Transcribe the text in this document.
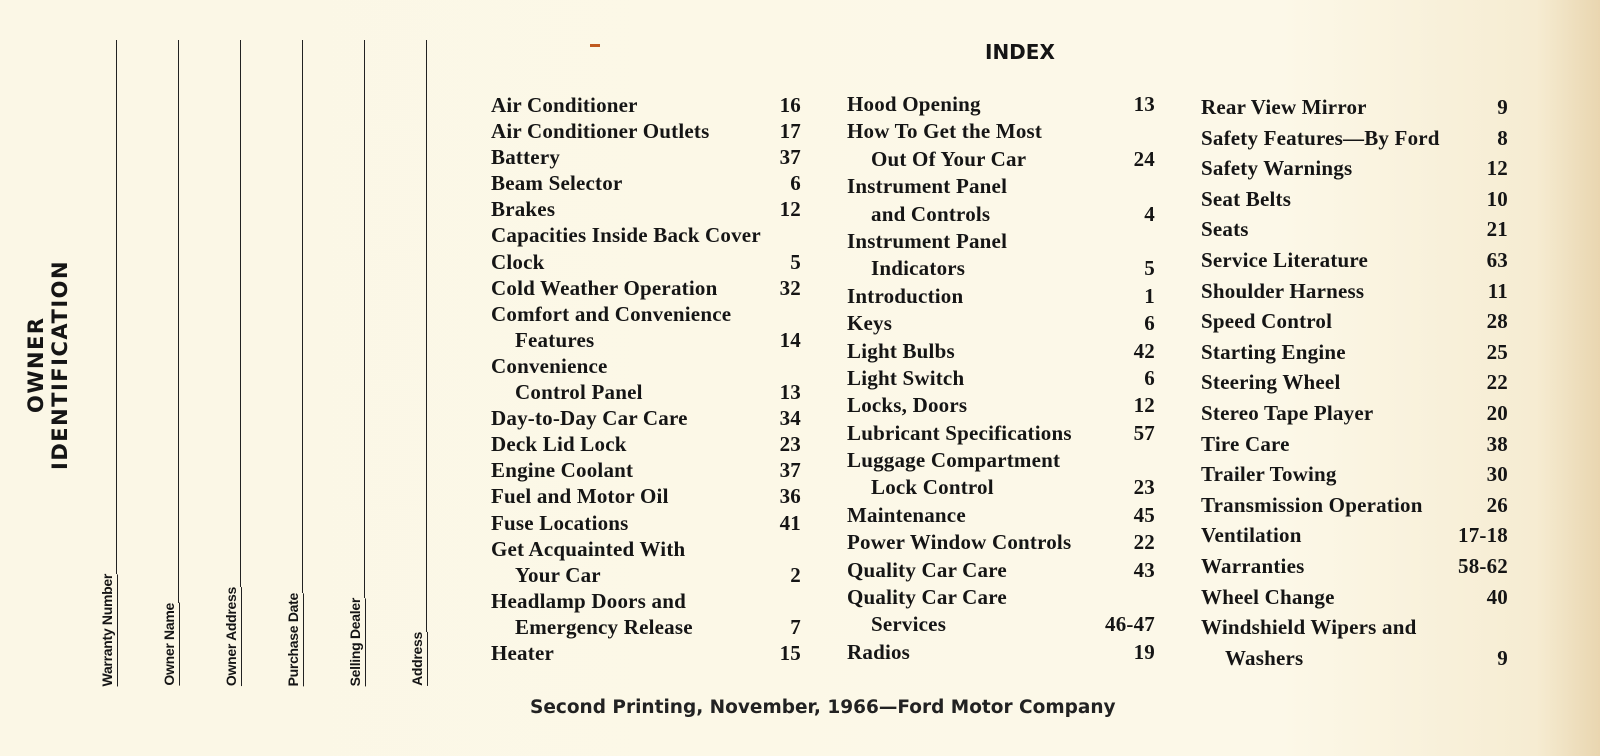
OWNER IDENTIFICATION
Warranty Number	Owner Name	Owner Address	Purchase Date	Selling Dealer	Address
INDEX
Air Conditioner	16
Air Conditioner Outlets	17
Battery	37
Beam Selector	6
Brakes	12
Capacities Inside Back Cover
Clock	5
Cold Weather Operation	32
Comfort and Convenience
Features	14
Convenience
Control Panel	13
Day-to-Day Car Care	34
Deck Lid Lock	23
Engine Coolant	37
Fuel and Motor Oil	36
Fuse Locations	41
Get Acquainted With
Your Car	2
Headlamp Doors and
Emergency Release	7
Heater	15
Hood Opening	13
How To Get the Most
Out Of Your Car	24
Instrument Panel
and Controls	4
Instrument Panel
Indicators	5
Introduction	1
Keys	6
Light Bulbs	42
Light Switch	6
Locks, Doors	12
Lubricant Specifications	57
Luggage Compartment
Lock Control	23
Maintenance	45
Power Window Controls	22
Quality Car Care	43
Quality Car Care
Services	46-47
Radios	19
Rear View Mirror	9
Safety Features—By Ford	8
Safety Warnings	12
Seat Belts	10
Seats	21
Service Literature	63
Shoulder Harness	11
Speed Control	28
Starting Engine	25
Steering Wheel	22
Stereo Tape Player	20
Tire Care	38
Trailer Towing	30
Transmission Operation	26
Ventilation	17-18
Warranties	58-62
Wheel Change	40
Windshield Wipers and
Washers	9
Second Printing, November, 1966—Ford Motor Company
